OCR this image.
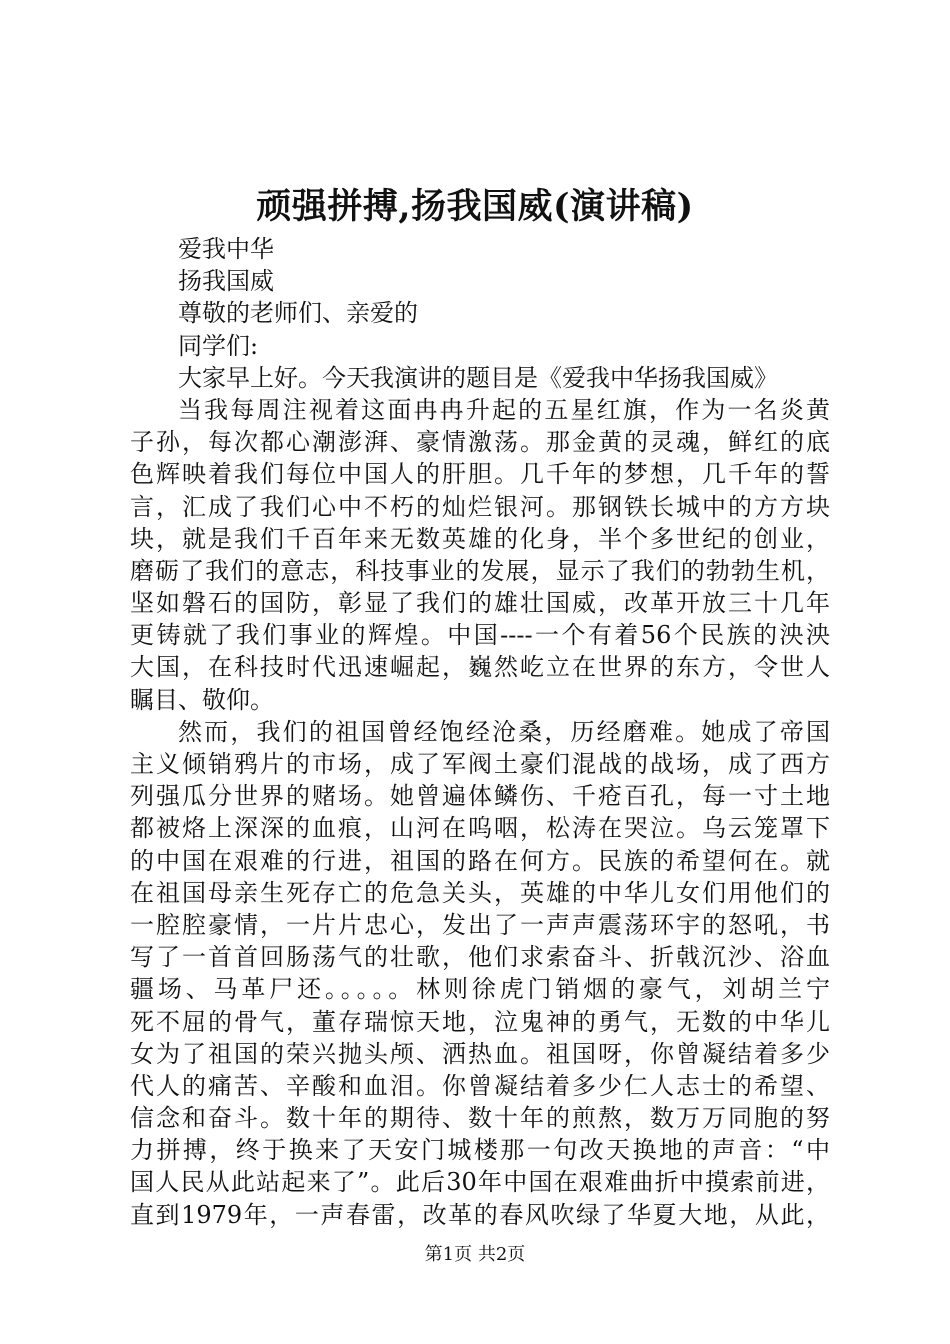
顽强拼搏,扬我国威(演讲稿)
爱我中华
扬我国威
尊敬的老师们、亲爱的
同学们:
大家早上好。今天我演讲的题目是《爱我中华扬我国威》
当我每周注视着这面冉冉升起的五星红旗，作为一名炎黄
子孙，每次都心潮澎湃、豪情激荡。那金黄的灵魂，鲜红的底
色辉映着我们每位中国人的肝胆。几千年的梦想，几千年的誓
言，汇成了我们心中不朽的灿烂银河。那钢铁长城中的方方块
块，就是我们千百年来无数英雄的化身，半个多世纪的创业，
磨砺了我们的意志，科技事业的发展，显示了我们的勃勃生机，
坚如磐石的国防，彰显了我们的雄壮国威，改革开放三十几年
更铸就了我们事业的辉煌。中国----一个有着56个民族的泱泱
大国，在科技时代迅速崛起，巍然屹立在世界的东方，令世人
瞩目、敬仰。
然而，我们的祖国曾经饱经沧桑，历经磨难。她成了帝国
主义倾销鸦片的市场，成了军阀土豪们混战的战场，成了西方
列强瓜分世界的赌场。她曾遍体鳞伤、千疮百孔，每一寸土地
都被烙上深深的血痕，山河在呜咽，松涛在哭泣。乌云笼罩下
的中国在艰难的行进，祖国的路在何方。民族的希望何在。就
在祖国母亲生死存亡的危急关头，英雄的中华儿女们用他们的
一腔腔豪情，一片片忠心，发出了一声声震荡环宇的怒吼，书
写了一首首回肠荡气的壮歌，他们求索奋斗、折戟沉沙、浴血
疆场、马革尸还。。。。。林则徐虎门销烟的豪气，刘胡兰宁
死不屈的骨气，董存瑞惊天地，泣鬼神的勇气，无数的中华儿
女为了祖国的荣兴抛头颅、洒热血。祖国呀，你曾凝结着多少
代人的痛苦、辛酸和血泪。你曾凝结着多少仁人志士的希望、
信念和奋斗。数十年的期待、数十年的煎熬，数万万同胞的努
力拼搏，终于换来了天安门城楼那一句改天换地的声音：“中
国人民从此站起来了”。此后30年中国在艰难曲折中摸索前进，
直到1979年，一声春雷，改革的春风吹绿了华夏大地，从此，
第1页 共2页
